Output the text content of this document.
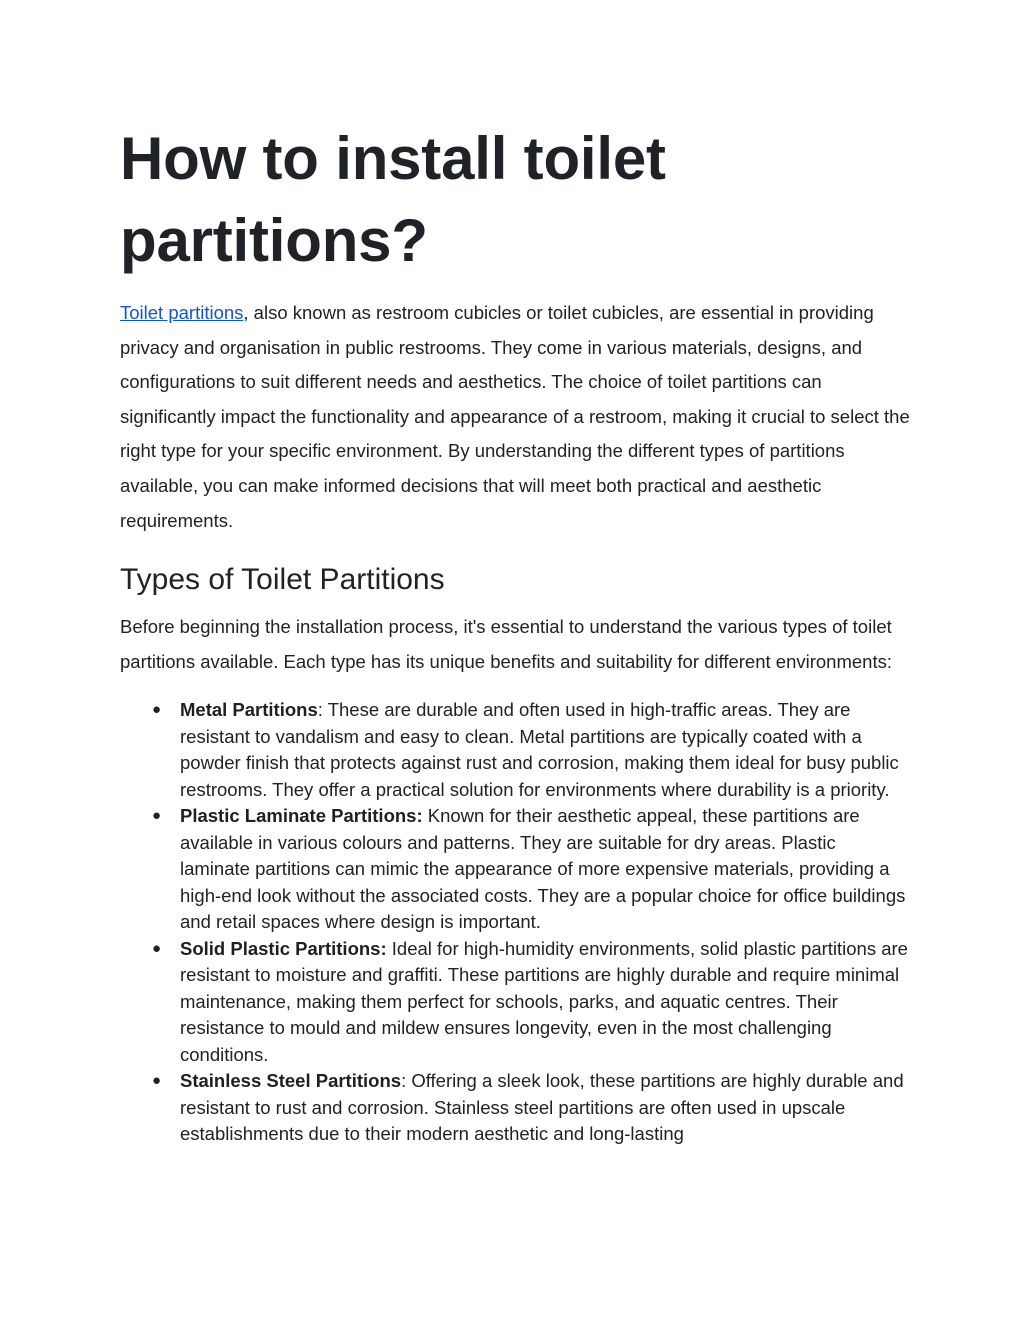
How to install toilet partitions?

Toilet partitions, also known as restroom cubicles or toilet cubicles, are essential in providing privacy and organisation in public restrooms. They come in various materials, designs, and configurations to suit different needs and aesthetics. The choice of toilet partitions can significantly impact the functionality and appearance of a restroom, making it crucial to select the right type for your specific environment. By understanding the different types of partitions available, you can make informed decisions that will meet both practical and aesthetic requirements.

Types of Toilet Partitions

Before beginning the installation process, it's essential to understand the various types of toilet partitions available. Each type has its unique benefits and suitability for different environments:

● Metal Partitions: These are durable and often used in high-traffic areas. They are resistant to vandalism and easy to clean. Metal partitions are typically coated with a powder finish that protects against rust and corrosion, making them ideal for busy public restrooms. They offer a practical solution for environments where durability is a priority.
● Plastic Laminate Partitions: Known for their aesthetic appeal, these partitions are available in various colours and patterns. They are suitable for dry areas. Plastic laminate partitions can mimic the appearance of more expensive materials, providing a high-end look without the associated costs. They are a popular choice for office buildings and retail spaces where design is important.
● Solid Plastic Partitions: Ideal for high-humidity environments, solid plastic partitions are resistant to moisture and graffiti. These partitions are highly durable and require minimal maintenance, making them perfect for schools, parks, and aquatic centres. Their resistance to mould and mildew ensures longevity, even in the most challenging conditions.
● Stainless Steel Partitions: Offering a sleek look, these partitions are highly durable and resistant to rust and corrosion. Stainless steel partitions are often used in upscale establishments due to their modern aesthetic and long-lasting
